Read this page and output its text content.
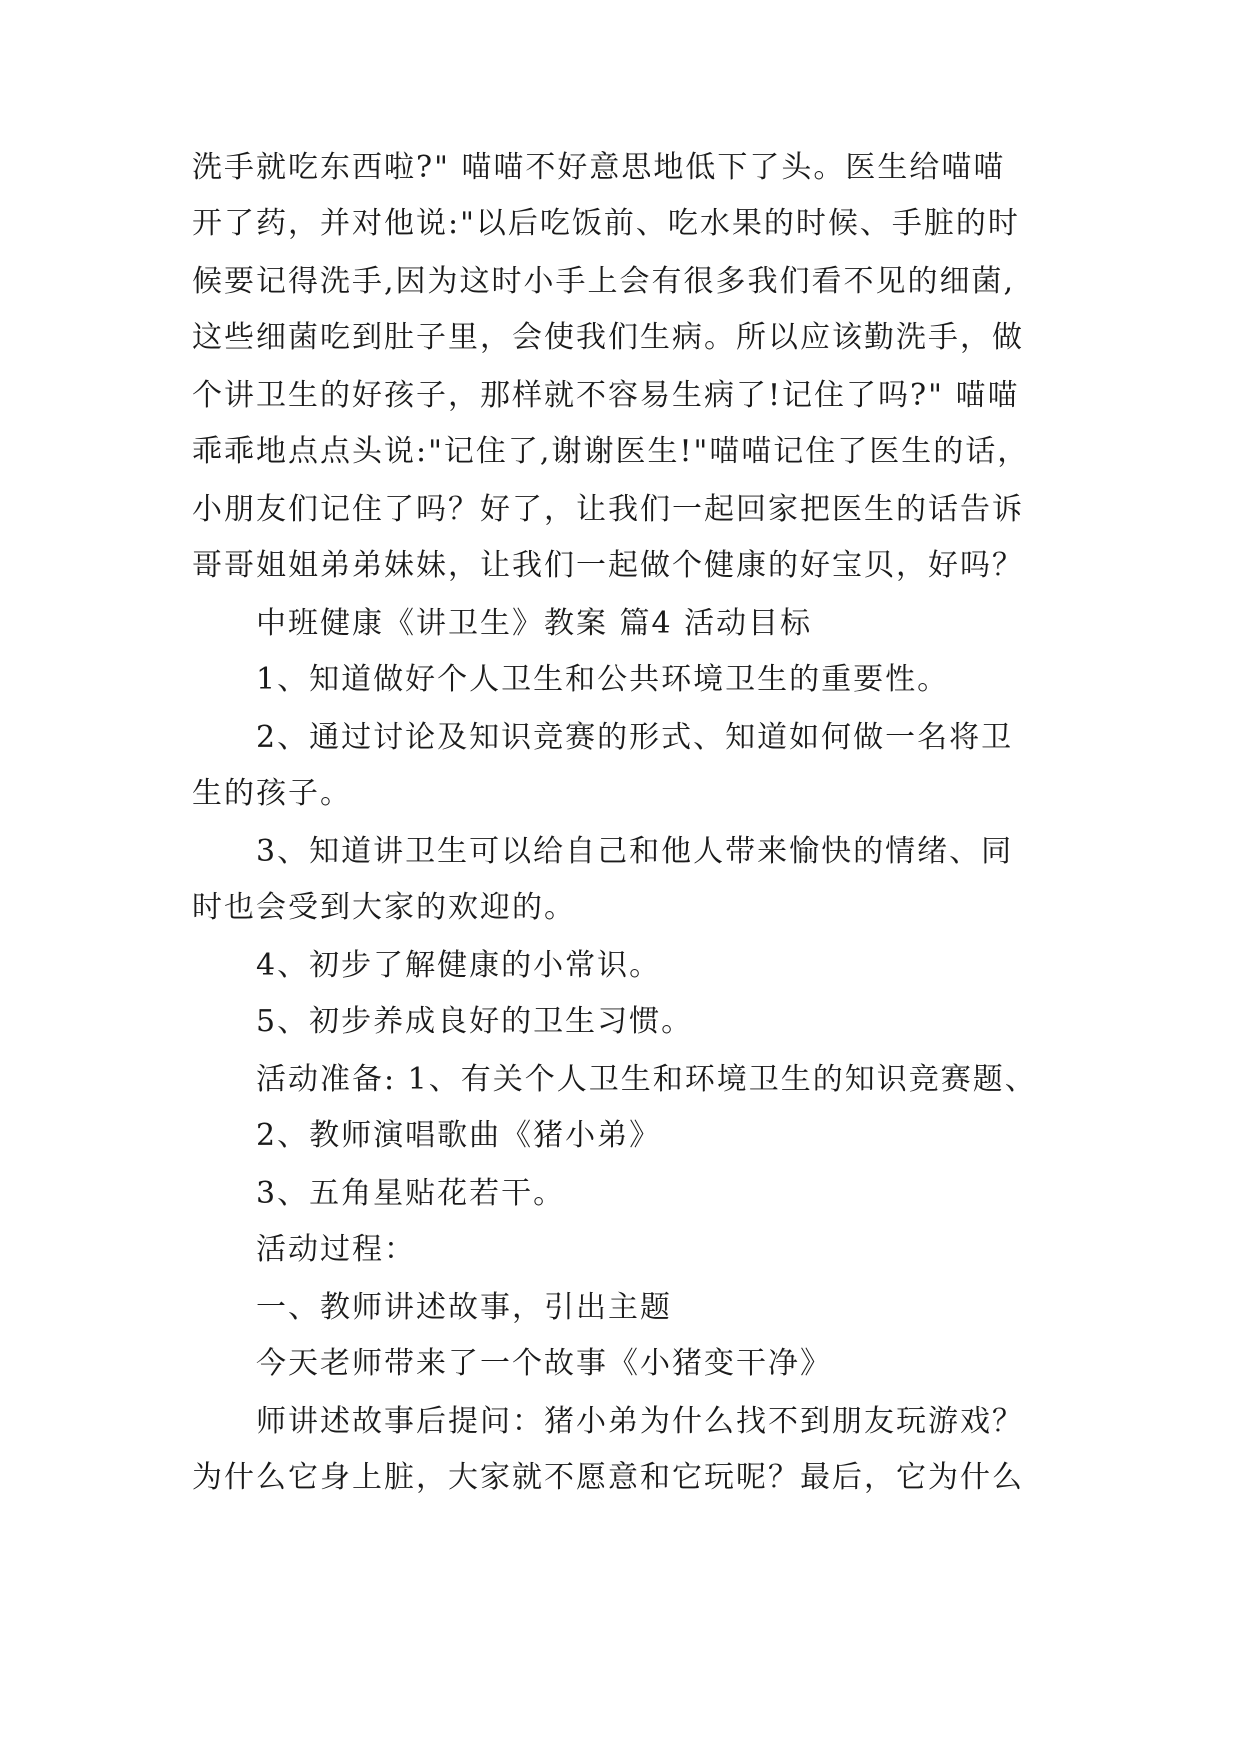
洗手就吃东西啦?" 喵喵不好意思地低下了头。医生给喵喵
开了药，并对他说:"以后吃饭前、吃水果的时候、手脏的时
候要记得洗手,因为这时小手上会有很多我们看不见的细菌,
这些细菌吃到肚子里，会使我们生病。所以应该勤洗手，做
个讲卫生的好孩子，那样就不容易生病了!记住了吗?" 喵喵
乖乖地点点头说:"记住了,谢谢医生!"喵喵记住了医生的话，
小朋友们记住了吗？好了，让我们一起回家把医生的话告诉
哥哥姐姐弟弟妹妹，让我们一起做个健康的好宝贝，好吗？
中班健康《讲卫生》教案 篇4 活动目标
1、知道做好个人卫生和公共环境卫生的重要性。
2、通过讨论及知识竞赛的形式、知道如何做一名将卫
生的孩子。
3、知道讲卫生可以给自己和他人带来愉快的情绪、同
时也会受到大家的欢迎的。
4、初步了解健康的小常识。
5、初步养成良好的卫生习惯。
活动准备: 1、有关个人卫生和环境卫生的知识竞赛题、
2、教师演唱歌曲《猪小弟》
3、五角星贴花若干。
活动过程：
一、教师讲述故事，引出主题
今天老师带来了一个故事《小猪变干净》
师讲述故事后提问：猪小弟为什么找不到朋友玩游戏？
为什么它身上脏，大家就不愿意和它玩呢？最后，它为什么
